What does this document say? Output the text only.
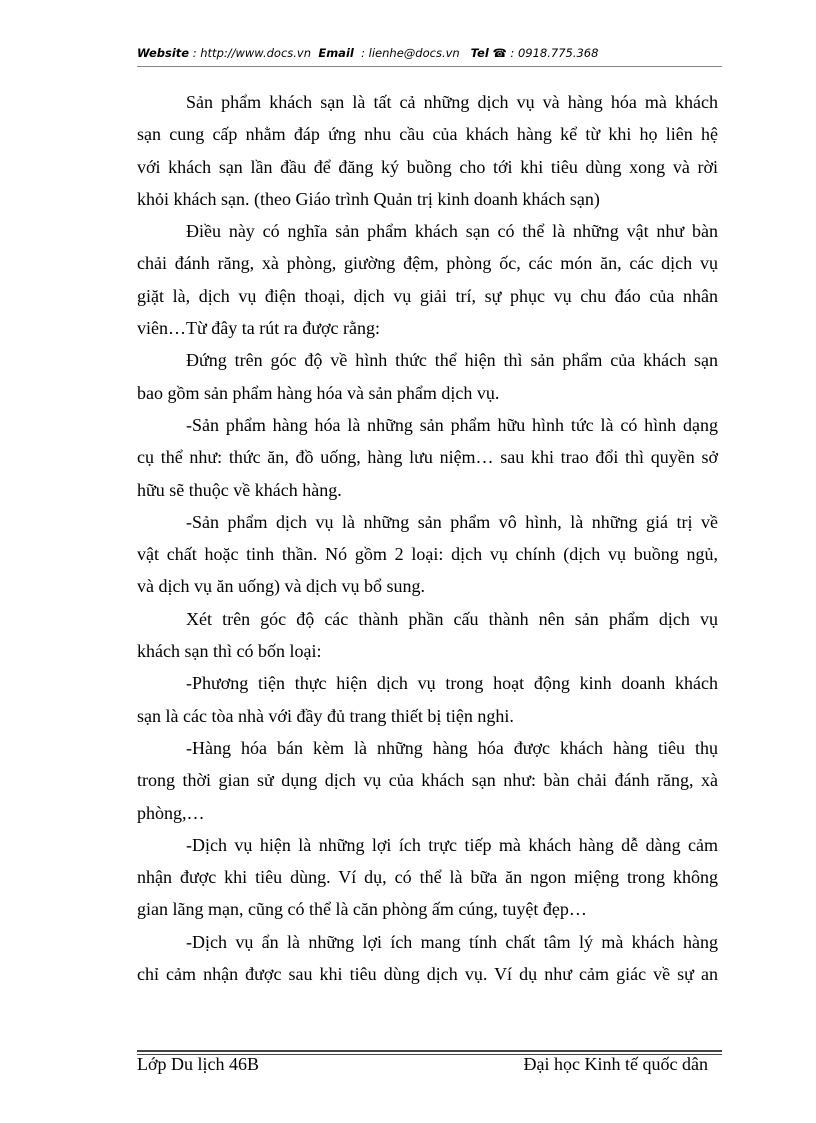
Website : http://www.docs.vn Email : lienhe@docs.vn Tel ☎ : 0918.775.368
Sản phẩm khách sạn là tất cả những dịch vụ và hàng hóa mà khách
sạn cung cấp nhằm đáp ứng nhu cầu của khách hàng kể từ khi họ liên hệ
với khách sạn lần đầu để đăng ký buồng cho tới khi tiêu dùng xong và rời
khỏi khách sạn. (theo Giáo trình Quản trị kinh doanh khách sạn)
Điều này có nghĩa sản phẩm khách sạn có thể là những vật như bàn
chải đánh răng, xà phòng, giường đệm, phòng ốc, các món ăn, các dịch vụ
giặt là, dịch vụ điện thoại, dịch vụ giải trí, sự phục vụ chu đáo của nhân
viên…Từ đây ta rút ra được rằng:
Đứng trên góc độ về hình thức thể hiện thì sản phẩm của khách sạn
bao gồm sản phẩm hàng hóa và sản phẩm dịch vụ.
-Sản phẩm hàng hóa là những sản phẩm hữu hình tức là có hình dạng
cụ thể như: thức ăn, đồ uống, hàng lưu niệm… sau khi trao đổi thì quyền sở
hữu sẽ thuộc về khách hàng.
-Sản phẩm dịch vụ là những sản phẩm vô hình, là những giá trị về
vật chất hoặc tinh thần. Nó gồm 2 loại: dịch vụ chính (dịch vụ buồng ngủ,
và dịch vụ ăn uống) và dịch vụ bổ sung.
Xét trên góc độ các thành phần cấu thành nên sản phẩm dịch vụ
khách sạn thì có bốn loại:
-Phương tiện thực hiện dịch vụ trong hoạt động kinh doanh khách
sạn là các tòa nhà với đầy đủ trang thiết bị tiện nghi.
-Hàng hóa bán kèm là những hàng hóa được khách hàng tiêu thụ
trong thời gian sử dụng dịch vụ của khách sạn như: bàn chải đánh răng, xà
phòng,…
-Dịch vụ hiện là những lợi ích trực tiếp mà khách hàng dễ dàng cảm
nhận được khi tiêu dùng. Ví dụ, có thể là bữa ăn ngon miệng trong không
gian lãng mạn, cũng có thể là căn phòng ấm cúng, tuyệt đẹp…
-Dịch vụ ẩn là những lợi ích mang tính chất tâm lý mà khách hàng
chỉ cảm nhận được sau khi tiêu dùng dịch vụ. Ví dụ như cảm giác về sự an
Lớp Du lịch 46B	Đại học Kinh tế quốc dân
